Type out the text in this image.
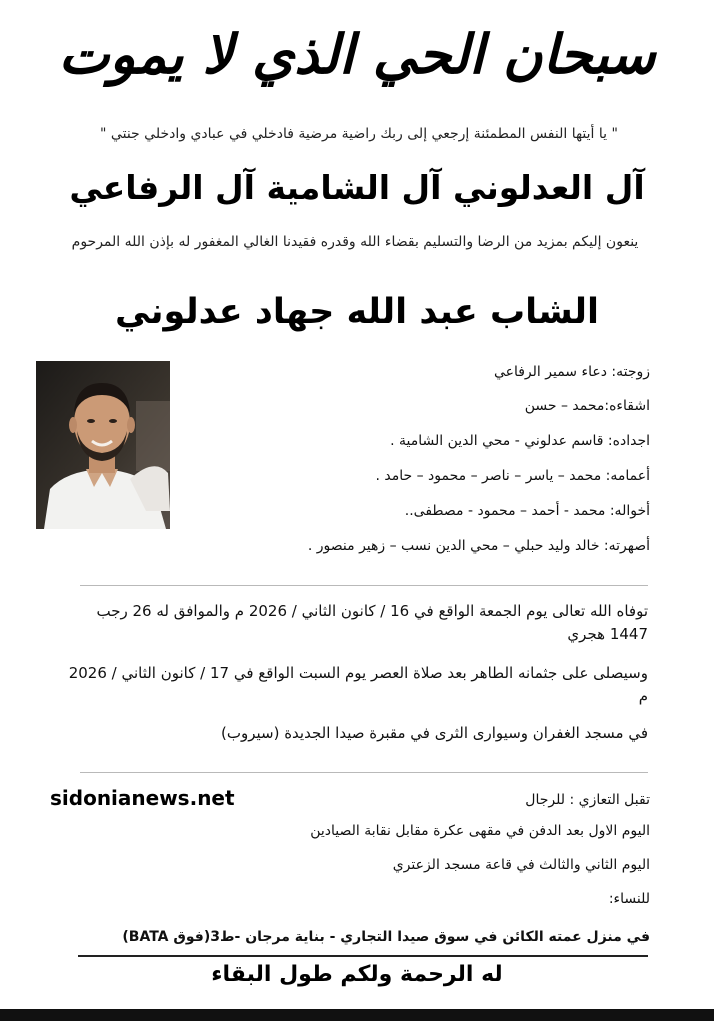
سبحان الحي الذي لا يموت
" يا أيتها النفس المطمئنة إرجعي إلى ربك راضية مرضية فادخلي في عبادي وادخلي جنتي "
آل العدلوني آل الشامية آل الرفاعي
ينعون إليكم بمزيد من الرضا والتسليم بقضاء الله وقدره فقيدنا الغالي المغفور له بإذن الله المرحوم
الشاب عبد الله جهاد عدلوني
زوجته: دعاء سمير الرفاعي
اشقاءه:محمد – حسن
اجداده: قاسم عدلوني - محي الدين الشامية .
أعمامه: محمد – ياسر – ناصر – محمود – حامد .
أخواله: محمد - أحمد – محمود - مصطفى..
أصهرته: خالد وليد حبلي – محي الدين نسب – زهير منصور .
توفاه الله تعالى يوم الجمعة الواقع في 16 / كانون الثاني / 2026 م والموافق له 26 رجب 1447 هجري
وسيصلى على جثمانه الطاهر بعد صلاة العصر يوم السبت الواقع في 17 / كانون الثاني / 2026 م
في مسجد الغفران وسيوارى الثرى في مقبرة صيدا الجديدة (سيروب)
sidonianews.net	تقبل التعازي : للرجال
اليوم الاول بعد الدفن في مقهى عكرة مقابل نقابة الصيادين
اليوم الثاني والثالث في قاعة مسجد الزعتري
للنساء:
في منزل عمته الكائن في سوق صيدا التجاري - بناية مرجان -ط3(فوق BATA)
له الرحمة ولكم طول البقاء
